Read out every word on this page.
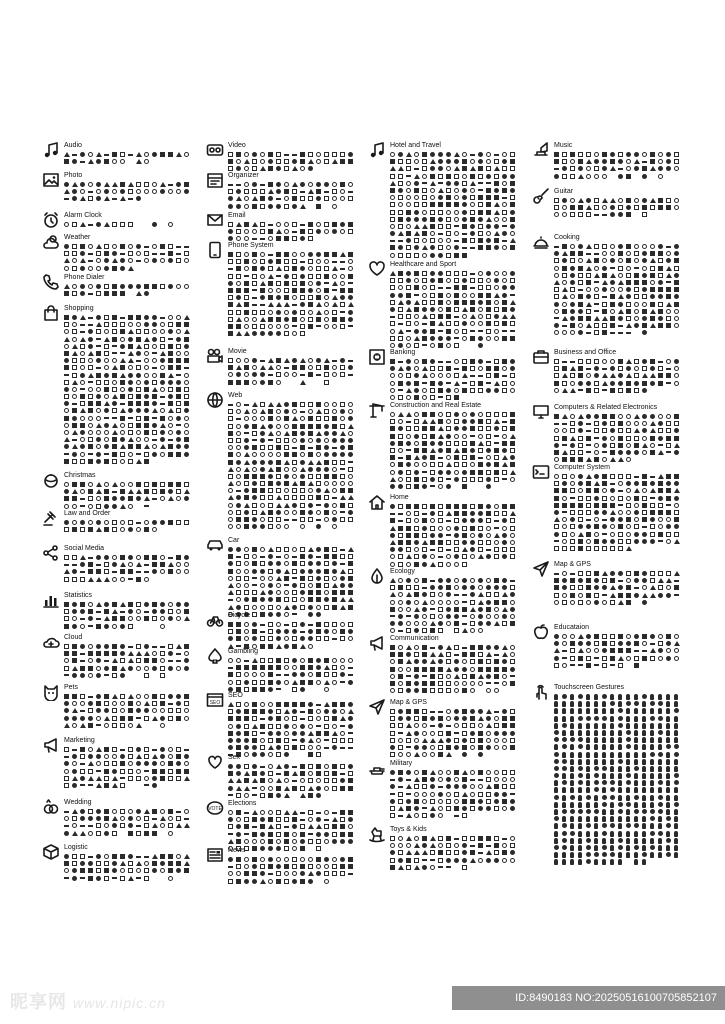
Audio
Photo
Alarm Clock
Weather
Phone Dialer
Shopping
Christmas
Law and Order
Social Media
Statistics
Cloud
Pets
Marketing
Wedding
Logistic
Video
Organizer
Email
Phone System
Movie
Web
Car
Bicycle
Gambling
SEO
SEO
Sex
VOTE
Elections
News
Hotel and Travel
Healthcare and Sport
Banking
Construction and Real Estate
Home
Ecology
Communication
Map & GPS
Military
Toys & Kids
Music
Guitar
Cooking
Business and Office
Computers & Related Electronics
Computer System
Map & GPS
Educataion
Touchscreen Gestures
昵享网 www.nipic.cn	ID:8490183 NO:20250516100705852107
